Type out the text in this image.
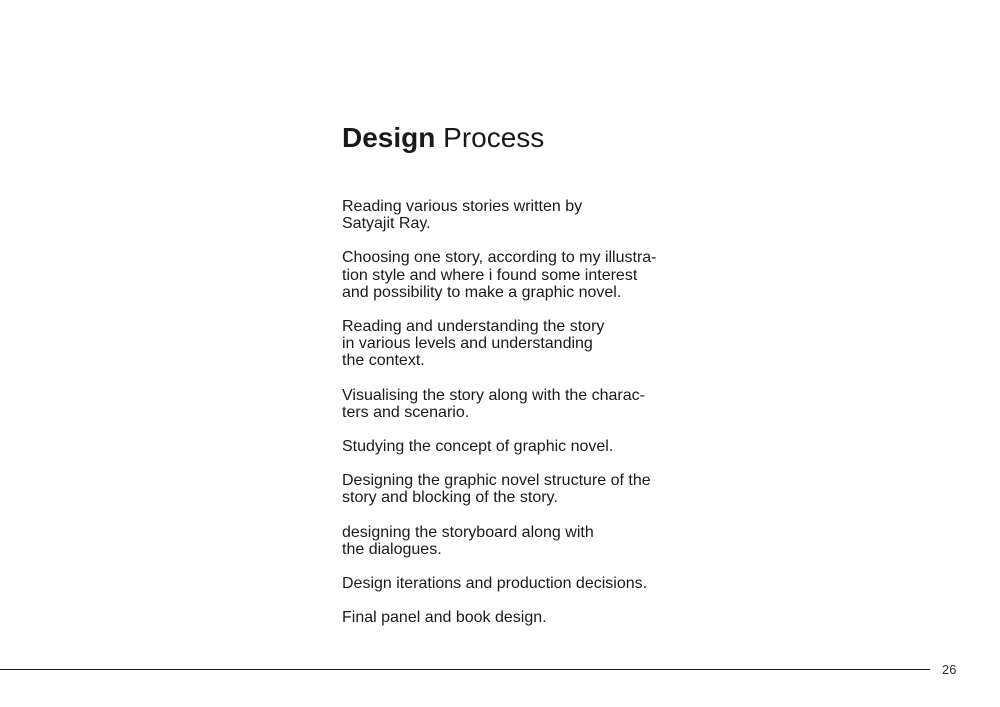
Design Process
Reading various stories written by
Satyajit Ray.
Choosing one story, according to my illustra-
tion style and where i found some interest
and possibility to make a graphic novel.
Reading and understanding the story
in various levels and understanding
the context.
Visualising the story along with the charac-
ters and scenario.
Studying the concept of graphic novel.
Designing the graphic novel structure of the
story and blocking of the story.
designing the storyboard along with
the dialogues.
Design iterations and production decisions.
Final panel and book design.
26
